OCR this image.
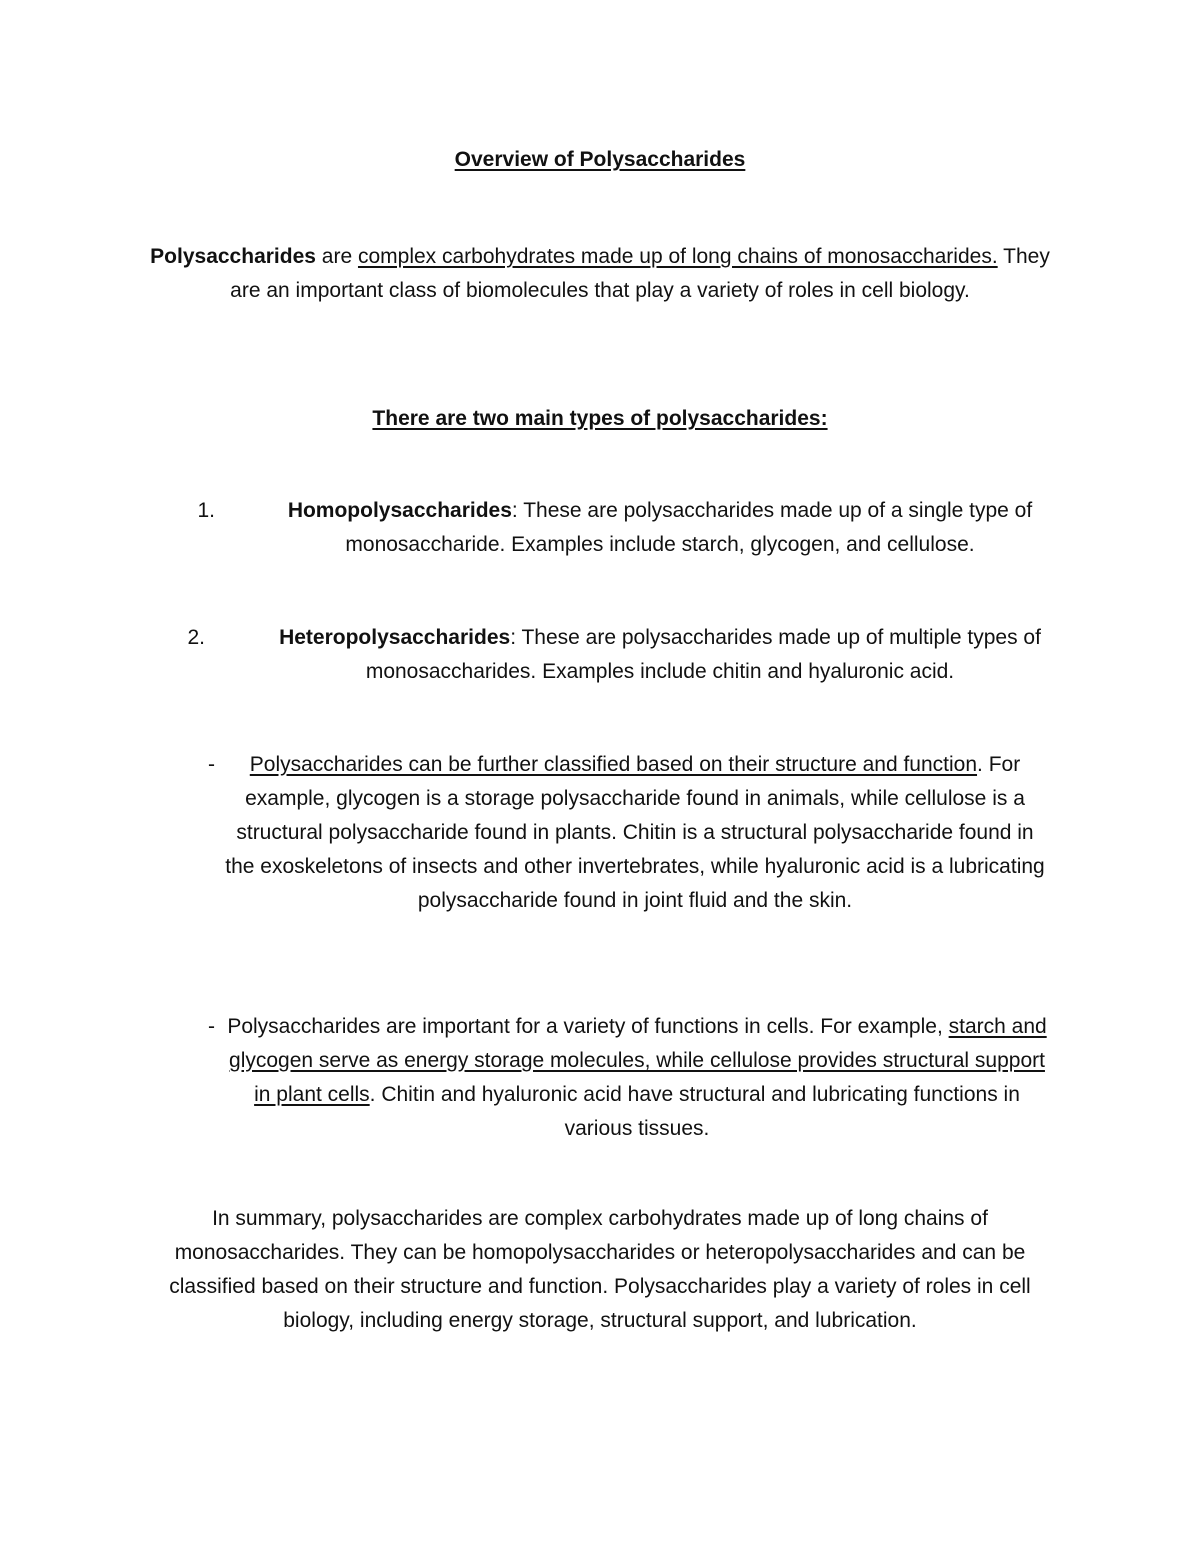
Overview of Polysaccharides
Polysaccharides are complex carbohydrates made up of long chains of monosaccharides. They are an important class of biomolecules that play a variety of roles in cell biology.
There are two main types of polysaccharides:
1.	Homopolysaccharides: These are polysaccharides made up of a single type of monosaccharide. Examples include starch, glycogen, and cellulose.
2.	Heteropolysaccharides: These are polysaccharides made up of multiple types of monosaccharides. Examples include chitin and hyaluronic acid.
-	Polysaccharides can be further classified based on their structure and function. For example, glycogen is a storage polysaccharide found in animals, while cellulose is a structural polysaccharide found in plants. Chitin is a structural polysaccharide found in the exoskeletons of insects and other invertebrates, while hyaluronic acid is a lubricating polysaccharide found in joint fluid and the skin.
- Polysaccharides are important for a variety of functions in cells. For example, starch and glycogen serve as energy storage molecules, while cellulose provides structural support in plant cells. Chitin and hyaluronic acid have structural and lubricating functions in various tissues.
In summary, polysaccharides are complex carbohydrates made up of long chains of monosaccharides. They can be homopolysaccharides or heteropolysaccharides and can be classified based on their structure and function. Polysaccharides play a variety of roles in cell biology, including energy storage, structural support, and lubrication.
